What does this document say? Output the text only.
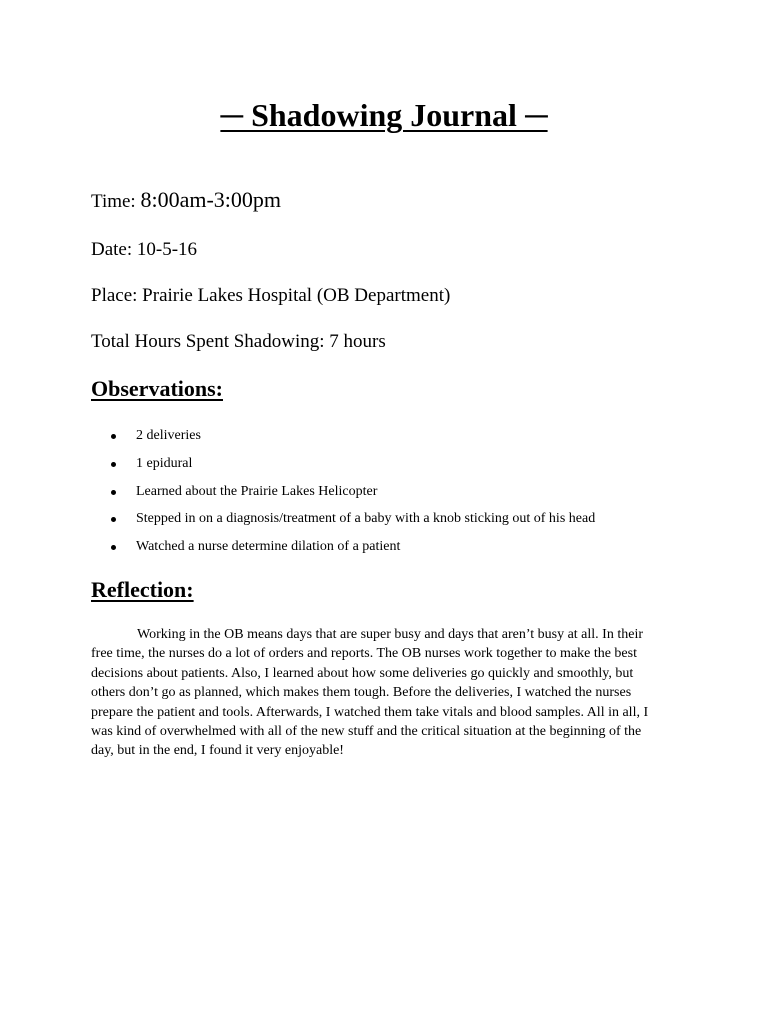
─ Shadowing Journal ─
Time: 8:00am-3:00pm
Date: 10-5-16
Place: Prairie Lakes Hospital (OB Department)
Total Hours Spent Shadowing: 7 hours
Observations:
2 deliveries
1 epidural
Learned about the Prairie Lakes Helicopter
Stepped in on a diagnosis/treatment of a baby with a knob sticking out of his head
Watched a nurse determine dilation of a patient
Reflection:

Working in the OB means days that are super busy and days that aren’t busy at all. In their free time, the nurses do a lot of orders and reports. The OB nurses work together to make the best decisions about patients. Also, I learned about how some deliveries go quickly and smoothly, but others don’t go as planned, which makes them tough. Before the deliveries, I watched the nurses prepare the patient and tools. Afterwards, I watched them take vitals and blood samples. All in all, I was kind of overwhelmed with all of the new stuff and the critical situation at the beginning of the day, but in the end, I found it very enjoyable!
